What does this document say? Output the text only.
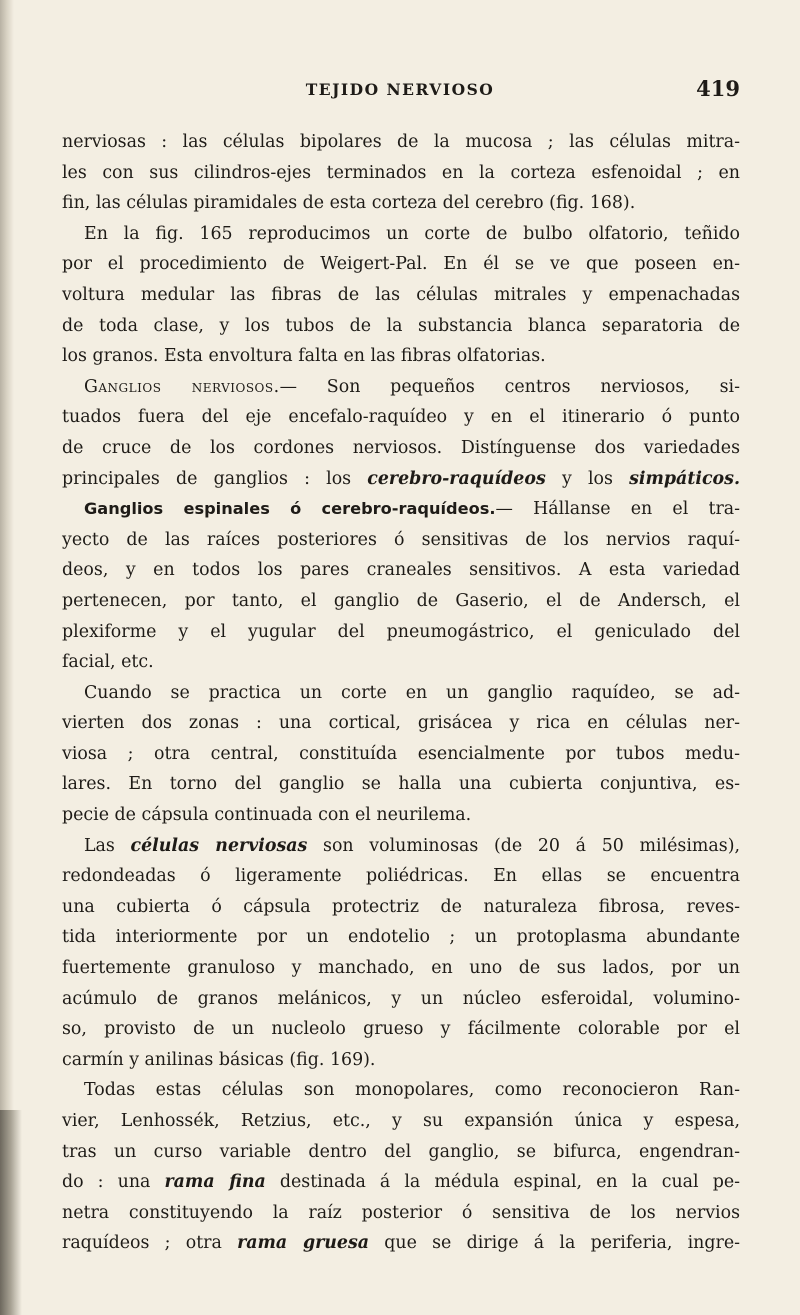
TEJIDO NERVIOSO	419
nerviosas : las células bipolares de la mucosa ; las células mitra-
les con sus cilindros-ejes terminados en la corteza esfenoidal ; en
fin, las células piramidales de esta corteza del cerebro (fig. 168).
En la fig. 165 reproducimos un corte de bulbo olfatorio, teñido
por el procedimiento de Weigert-Pal. En él se ve que poseen en-
voltura medular las fibras de las células mitrales y empenachadas
de toda clase, y los tubos de la substancia blanca separatoria de
los granos. Esta envoltura falta en las fibras olfatorias.
Ganglios nerviosos.— Son pequeños centros nerviosos, si-
tuados fuera del eje encefalo-raquídeo y en el itinerario ó punto
de cruce de los cordones nerviosos. Distínguense dos variedades
principales de ganglios : los cerebro-raquídeos y los simpáticos.
Ganglios espinales ó cerebro-raquídeos.— Hállanse en el tra-
yecto de las raíces posteriores ó sensitivas de los nervios raquí-
deos, y en todos los pares craneales sensitivos. A esta variedad
pertenecen, por tanto, el ganglio de Gaserio, el de Andersch, el
plexiforme y el yugular del pneumogástrico, el geniculado del
facial, etc.
Cuando se practica un corte en un ganglio raquídeo, se ad-
vierten dos zonas : una cortical, grisácea y rica en células ner-
viosa ; otra central, constituída esencialmente por tubos medu-
lares. En torno del ganglio se halla una cubierta conjuntiva, es-
pecie de cápsula continuada con el neurilema.
Las células nerviosas son voluminosas (de 20 á 50 milésimas),
redondeadas ó ligeramente poliédricas. En ellas se encuentra
una cubierta ó cápsula protectriz de naturaleza fibrosa, reves-
tida interiormente por un endotelio ; un protoplasma abundante
fuertemente granuloso y manchado, en uno de sus lados, por un
acúmulo de granos melánicos, y un núcleo esferoidal, volumino-
so, provisto de un nucleolo grueso y fácilmente colorable por el
carmín y anilinas básicas (fig. 169).
Todas estas células son monopolares, como reconocieron Ran-
vier, Lenhossék, Retzius, etc., y su expansión única y espesa,
tras un curso variable dentro del ganglio, se bifurca, engendran-
do : una rama fina destinada á la médula espinal, en la cual pe-
netra constituyendo la raíz posterior ó sensitiva de los nervios
raquídeos ; otra rama gruesa que se dirige á la periferia, ingre-
